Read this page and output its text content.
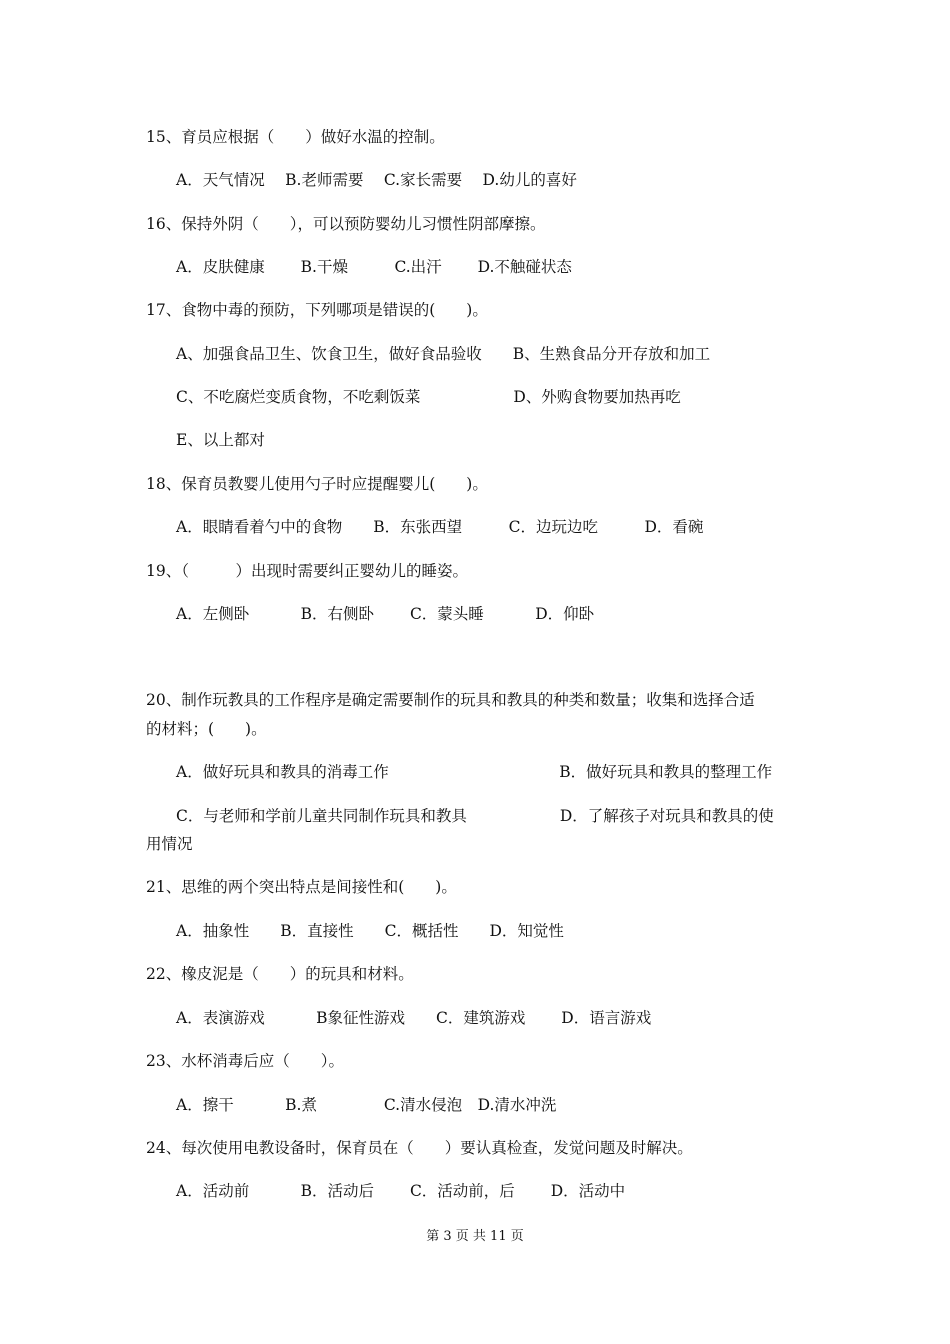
15、育员应根据（　　）做好水温的控制。
A．天气情况　 B.老师需要　 C.家长需要　 D.幼儿的喜好
16、保持外阴（　　），可以预防婴幼儿习惯性阴部摩擦。
A．皮肤健康　　 B.干燥　　　C.出汗　　 D.不触碰状态
17、食物中毒的预防，下列哪项是错误的(　　)。
A、加强食品卫生、饮食卫生，做好食品验收　　B、生熟食品分开存放和加工
C、不吃腐烂变质食物，不吃剩饭菜　　　　　　D、外购食物要加热再吃
E、以上都对
18、保育员教婴儿使用勺子时应提醒婴儿(　　)。
A．眼睛看着勺中的食物　　B．东张西望　　　C．边玩边吃　　　D．看碗
19、（　　　）出现时需要纠正婴幼儿的睡姿。
A．左侧卧　　　 B．右侧卧　　 C．蒙头睡　　　 D．仰卧
20、制作玩教具的工作程序是确定需要制作的玩具和教具的种类和数量；收集和选择合适
的材料；(　　)。
A．做好玩具和教具的消毒工作　　　　　　　　　　　B．做好玩具和教具的整理工作
C．与老师和学前儿童共同制作玩具和教具　　　　　　D．了解孩子对玩具和教具的使
用情况
21、思维的两个突出特点是间接性和(　　)。
A．抽象性　　B．直接性　　C．概括性　　D．知觉性
22、橡皮泥是（　　）的玩具和材料。
A．表演游戏　　　 B象征性游戏　　C．建筑游戏　　 D．语言游戏
23、水杯消毒后应（　　）。
A．擦干　　　 B.煮　　　　 C.清水侵泡　D.清水冲洗
24、每次使用电教设备时，保育员在（　　）要认真检查，发觉问题及时解决。
A．活动前　　　 B．活动后　　 C．活动前，后　　 D．活动中
第 3 页 共 11 页
